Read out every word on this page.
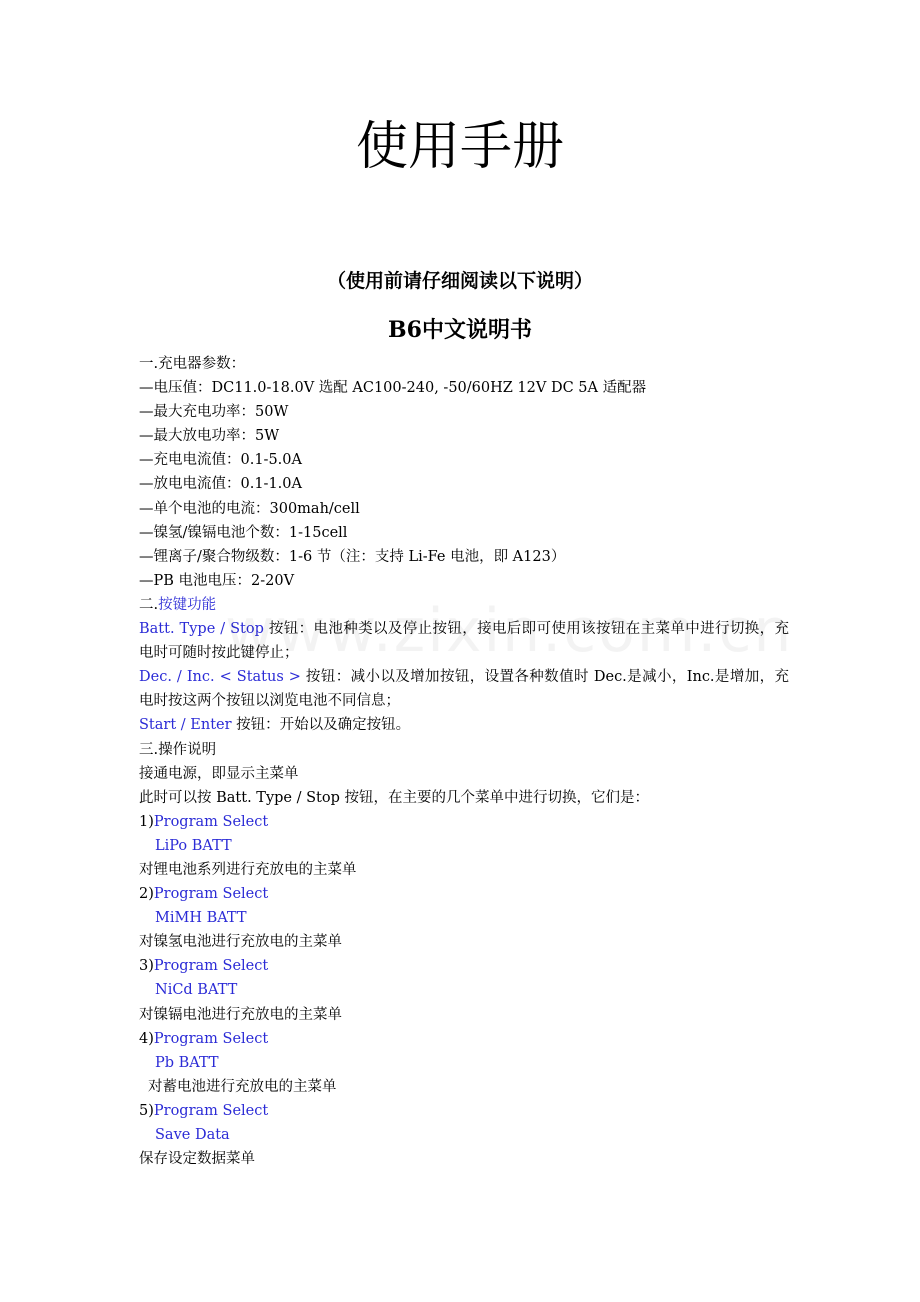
使用手册
（使用前请仔细阅读以下说明）
B6中文说明书
一.充电器参数：
—电压值：DC11.0-18.0V 选配 AC100-240, -50/60HZ 12V DC 5A 适配器
—最大充电功率：50W
—最大放电功率：5W
—充电电流值：0.1-5.0A
—放电电流值：0.1-1.0A
—单个电池的电流：300mah/cell
—镍氢/镍镉电池个数：1-15cell
—锂离子/聚合物级数：1-6 节（注：支持 Li-Fe 电池，即 A123）
—PB 电池电压：2-20V
二.按键功能
Batt. Type / Stop 按钮：电池种类以及停止按钮，接电后即可使用该按钮在主菜单中进行切换，充电时可随时按此键停止；
Dec. / Inc. < Status > 按钮：减小以及增加按钮，设置各种数值时 Dec.是减小，Inc.是增加，充电时按这两个按钮以浏览电池不同信息；
Start / Enter 按钮：开始以及确定按钮。
三.操作说明
接通电源，即显示主菜单
此时可以按 Batt. Type / Stop 按钮，在主要的几个菜单中进行切换，它们是：
1)Program Select
LiPo BATT
对锂电池系列进行充放电的主菜单
2)Program Select
MiMH BATT
对镍氢电池进行充放电的主菜单
3)Program Select
NiCd BATT
对镍镉电池进行充放电的主菜单
4)Program Select
Pb BATT
对蓄电池进行充放电的主菜单
5)Program Select
Save Data
保存设定数据菜单
